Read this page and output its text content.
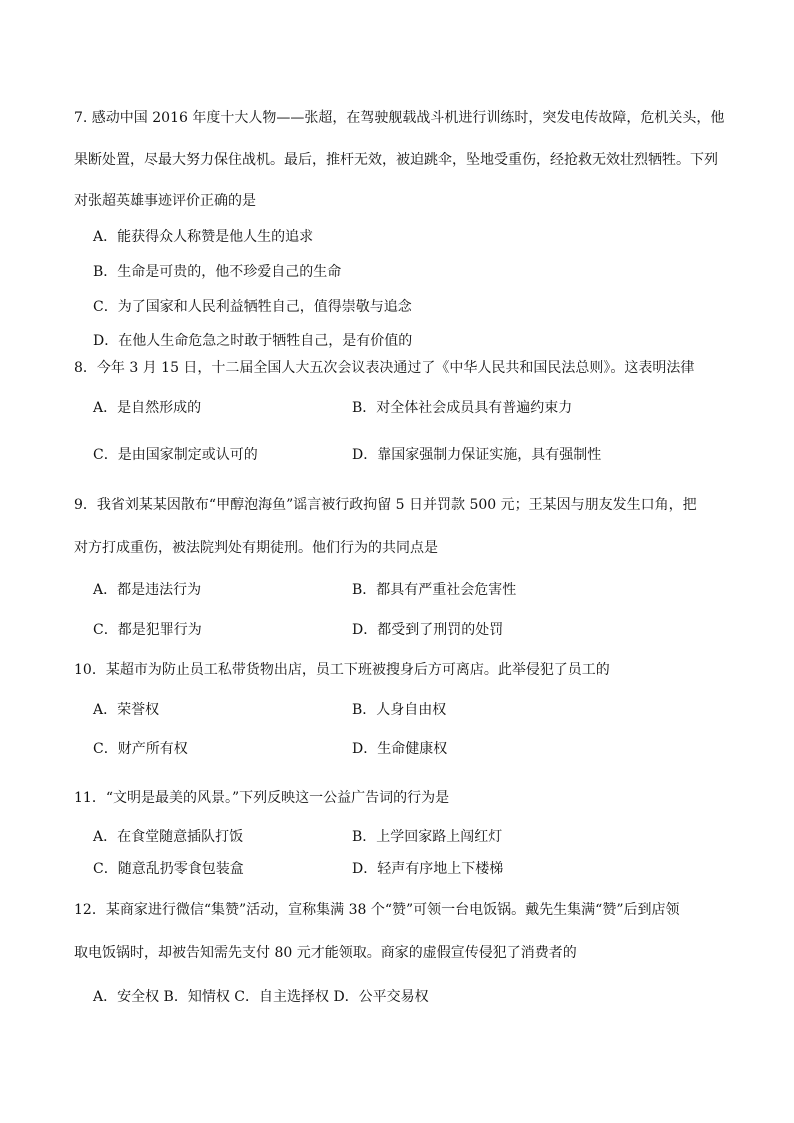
7. 感动中国 2016 年度十大人物——张超，在驾驶舰载战斗机进行训练时，突发电传故障，危机关头，他
果断处置，尽最大努力保住战机。最后，推杆无效，被迫跳伞，坠地受重伤，经抢救无效壮烈牺牲。下列
对张超英雄事迹评价正确的是
A．能获得众人称赞是他人生的追求
B．生命是可贵的，他不珍爱自己的生命
C．为了国家和人民利益牺牲自己，值得崇敬与追念
D．在他人生命危急之时敢于牺牲自己，是有价值的
8．今年 3 月 15 日，十二届全国人大五次会议表决通过了《中华人民共和国民法总则》。这表明法律
A．是自然形成的	B．对全体社会成员具有普遍约束力
C．是由国家制定或认可的	D．靠国家强制力保证实施，具有强制性
9．我省刘某某因散布“甲醇泡海鱼”谣言被行政拘留 5 日并罚款 500 元；王某因与朋友发生口角，把
对方打成重伤，被法院判处有期徒刑。他们行为的共同点是
A．都是违法行为	B．都具有严重社会危害性
C．都是犯罪行为	D．都受到了刑罚的处罚
10．某超市为防止员工私带货物出店，员工下班被搜身后方可离店。此举侵犯了员工的
A．荣誉权	B．人身自由权
C．财产所有权	D．生命健康权
11．“文明是最美的风景。”下列反映这一公益广告词的行为是
A．在食堂随意插队打饭	B．上学回家路上闯红灯
C．随意乱扔零食包装盒	D．轻声有序地上下楼梯
12．某商家进行微信“集赞”活动，宣称集满 38 个“赞”可领一台电饭锅。戴先生集满“赞”后到店领
取电饭锅时，却被告知需先支付 80 元才能领取。商家的虚假宣传侵犯了消费者的
A．安全权 B．知情权 C．自主选择权 D．公平交易权
